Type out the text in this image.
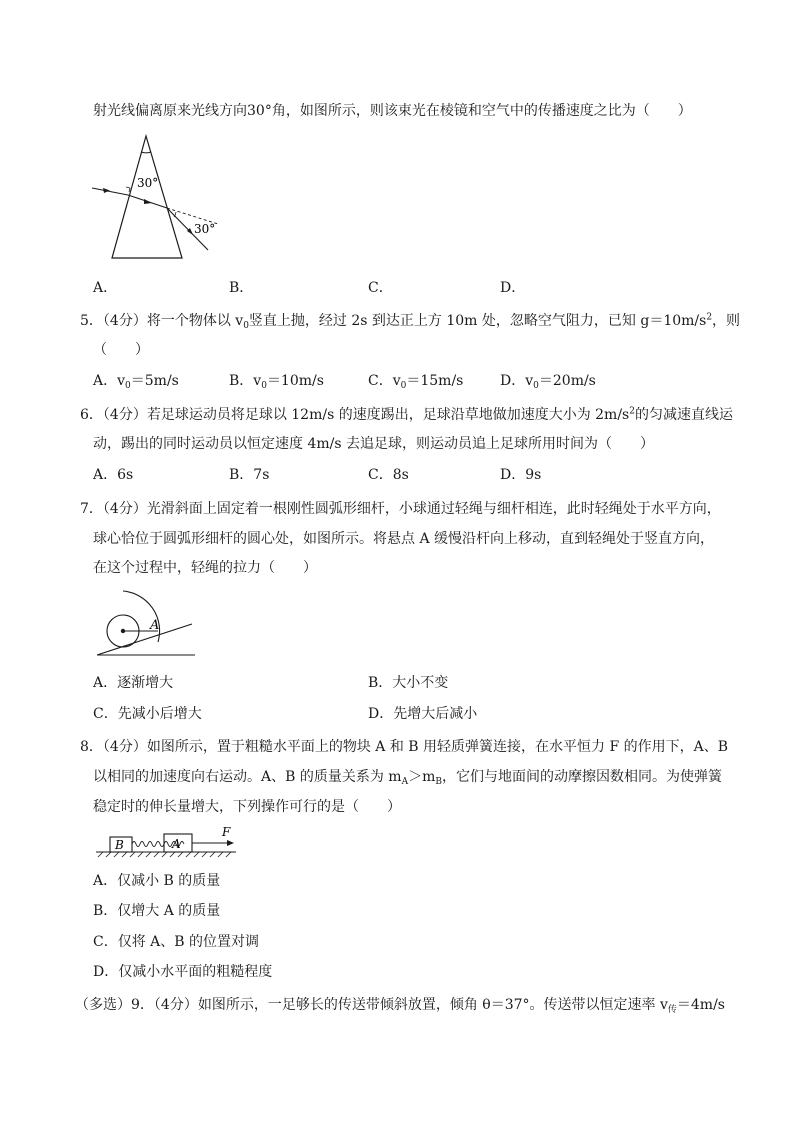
射光线偏离原来光线方向30°角，如图所示，则该束光在棱镜和空气中的传播速度之比为（　　）
30°
30°
A．	B．	C．	D．
5．（4分）将一个物体以 $v_0$竖直上抛，经过 2s 到达正上方 10m 处，忽略空气阻力，已知 $g=10m/s^2$，则
（　　）
A．$v_0=5m/s$	B．$v_0=10m/s$	C．$v_0=15m/s$	D．$v_0=20m/s$
6．（4分）若足球运动员将足球以 12m/s 的速度踢出，足球沿草地做加速度大小为 $2m/s^2$的匀减速直线运
动，踢出的同时运动员以恒定速度 4m/s 去追足球，则运动员追上足球所用时间为（　　）
A．6s	B．7s	C．8s	D．9s
7．（4分）光滑斜面上固定着一根刚性圆弧形细杆，小球通过轻绳与细杆相连，此时轻绳处于水平方向，
球心恰位于圆弧形细杆的圆心处，如图所示。将悬点 A 缓慢沿杆向上移动，直到轻绳处于竖直方向，
在这个过程中，轻绳的拉力（　　）
A
A．逐渐增大	B．大小不变
C．先减小后增大	D．先增大后减小
8．（4分）如图所示，置于粗糙水平面上的物块 A 和 B 用轻质弹簧连接，在水平恒力 F 的作用下，A、B
以相同的加速度向右运动。A、B 的质量关系为 $m_A>m_B$，它们与地面间的动摩擦因数相同。为使弹簧
稳定时的伸长量增大，下列操作可行的是（　　）
B	A
F
A．仅减小 B 的质量
B．仅增大 A 的质量
C．仅将 A、B 的位置对调
D．仅减小水平面的粗糙程度
（多选）9．（4分）如图所示，一足够长的传送带倾斜放置，倾角 θ＝37°。传送带以恒定速率 $v_传=4m/s$
